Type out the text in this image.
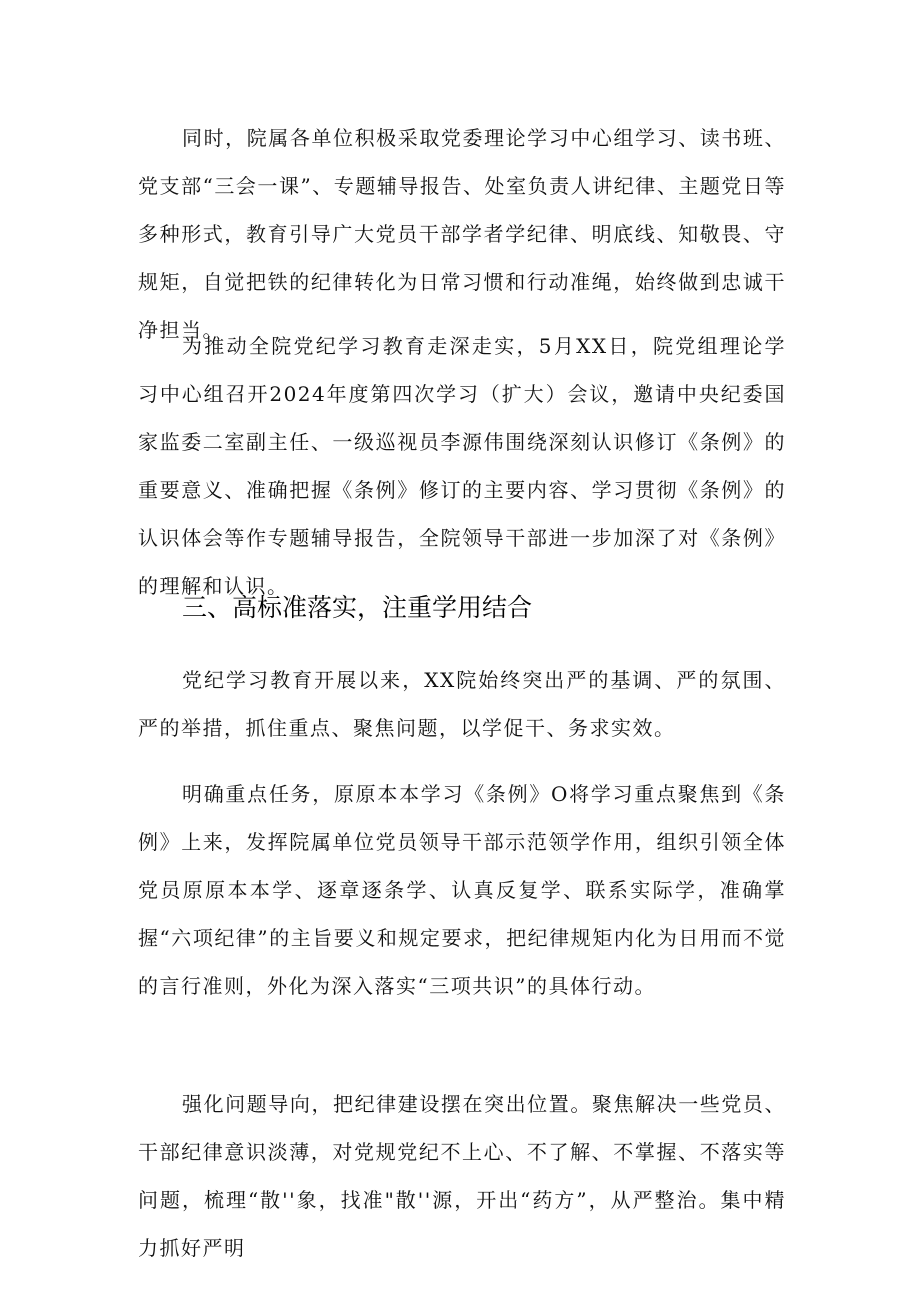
同时，院属各单位积极采取党委理论学习中心组学习、读书班、党支部“三会一课”、专题辅导报告、处室负责人讲纪律、主题党日等多种形式，教育引导广大党员干部学者学纪律、明底线、知敬畏、守规矩，自觉把铁的纪律转化为日常习惯和行动准绳，始终做到忠诚干净担当。

为推动全院党纪学习教育走深走实，5月XX日，院党组理论学习中心组召开2024年度第四次学习（扩大）会议，邀请中央纪委国家监委二室副主任、一级巡视员李源伟围绕深刻认识修订《条例》的重要意义、准确把握《条例》修订的主要内容、学习贯彻《条例》的认识体会等作专题辅导报告，全院领导干部进一步加深了对《条例》的理解和认识。

三、高标准落实，注重学用结合

党纪学习教育开展以来，XX院始终突出严的基调、严的氛围、严的举措，抓住重点、聚焦问题，以学促干、务求实效。

明确重点任务，原原本本学习《条例》O将学习重点聚焦到《条例》上来，发挥院属单位党员领导干部示范领学作用，组织引领全体党员原原本本学、逐章逐条学、认真反复学、联系实际学，准确掌握“六项纪律”的主旨要义和规定要求，把纪律规矩内化为日用而不觉的言行准则，外化为深入落实“三项共识”的具体行动。

强化问题导向，把纪律建设摆在突出位置。聚焦解决一些党员、干部纪律意识淡薄，对党规党纪不上心、不了解、不掌握、不落实等问题，梳理“散''象，找准"散''源，开出“药方”，从严整治。集中精力抓好严明
